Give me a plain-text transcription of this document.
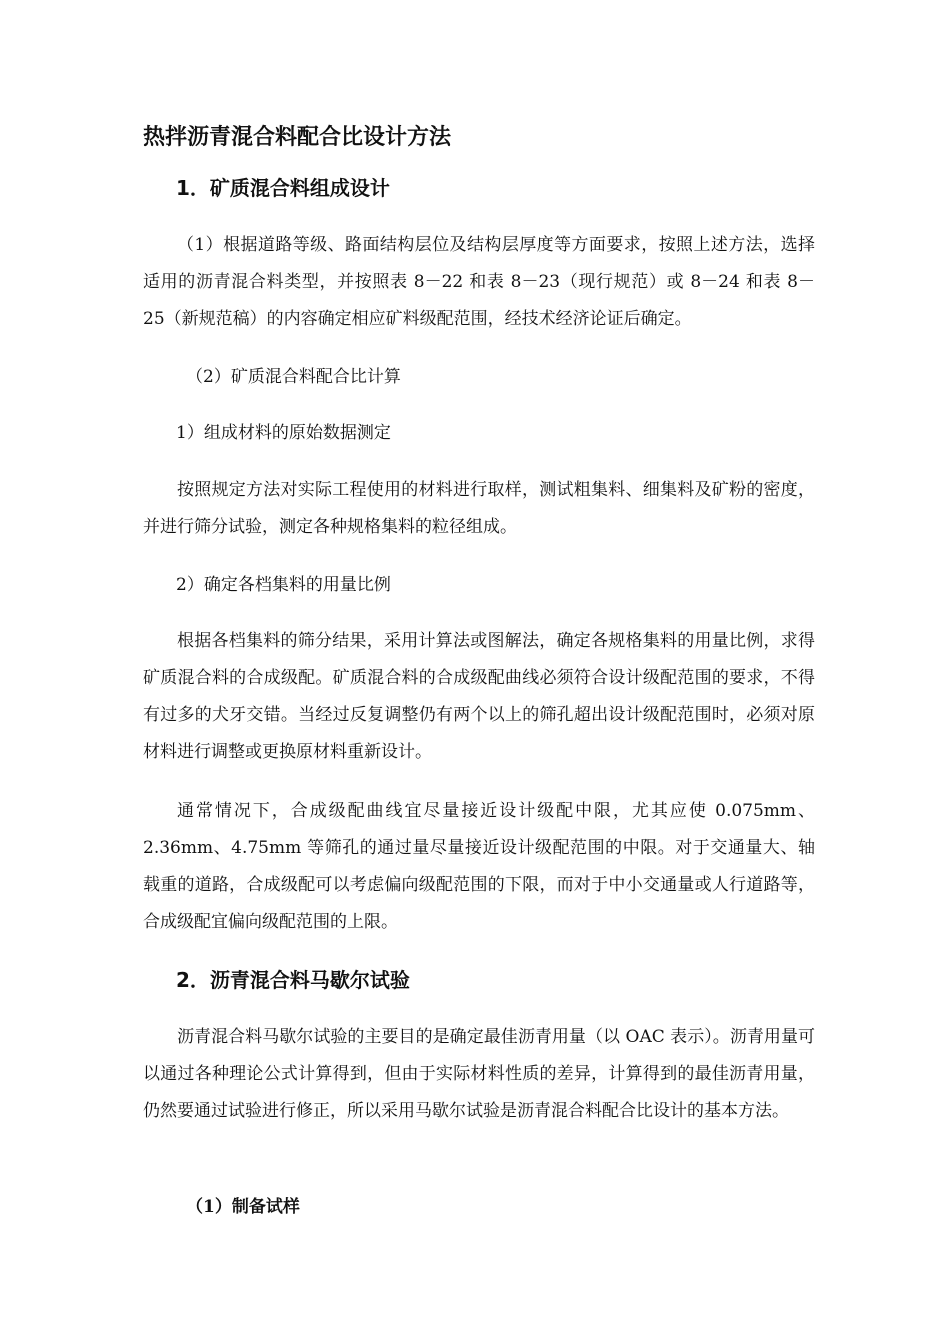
热拌沥青混合料配合比设计方法
1．矿质混合料组成设计

（1）根据道路等级、路面结构层位及结构层厚度等方面要求，按照上述方法，选择适用的沥青混合料类型，并按照表 8－22 和表 8－23（现行规范）或 8－24 和表 8－25（新规范稿）的内容确定相应矿料级配范围，经技术经济论证后确定。

（2）矿质混合料配合比计算

1）组成材料的原始数据测定

按照规定方法对实际工程使用的材料进行取样，测试粗集料、细集料及矿粉的密度，并进行筛分试验，测定各种规格集料的粒径组成。

2）确定各档集料的用量比例

根据各档集料的筛分结果，采用计算法或图解法，确定各规格集料的用量比例，求得矿质混合料的合成级配。矿质混合料的合成级配曲线必须符合设计级配范围的要求，不得有过多的犬牙交错。当经过反复调整仍有两个以上的筛孔超出设计级配范围时，必须对原材料进行调整或更换原材料重新设计。

通常情况下，合成级配曲线宜尽量接近设计级配中限，尤其应使 0.075mm、2.36mm、4.75mm 等筛孔的通过量尽量接近设计级配范围的中限。对于交通量大、轴载重的道路，合成级配可以考虑偏向级配范围的下限，而对于中小交通量或人行道路等，合成级配宜偏向级配范围的上限。

2．沥青混合料马歇尔试验

沥青混合料马歇尔试验的主要目的是确定最佳沥青用量（以 OAC 表示）。沥青用量可以通过各种理论公式计算得到，但由于实际材料性质的差异，计算得到的最佳沥青用量，仍然要通过试验进行修正，所以采用马歇尔试验是沥青混合料配合比设计的基本方法。

（1）制备试样
